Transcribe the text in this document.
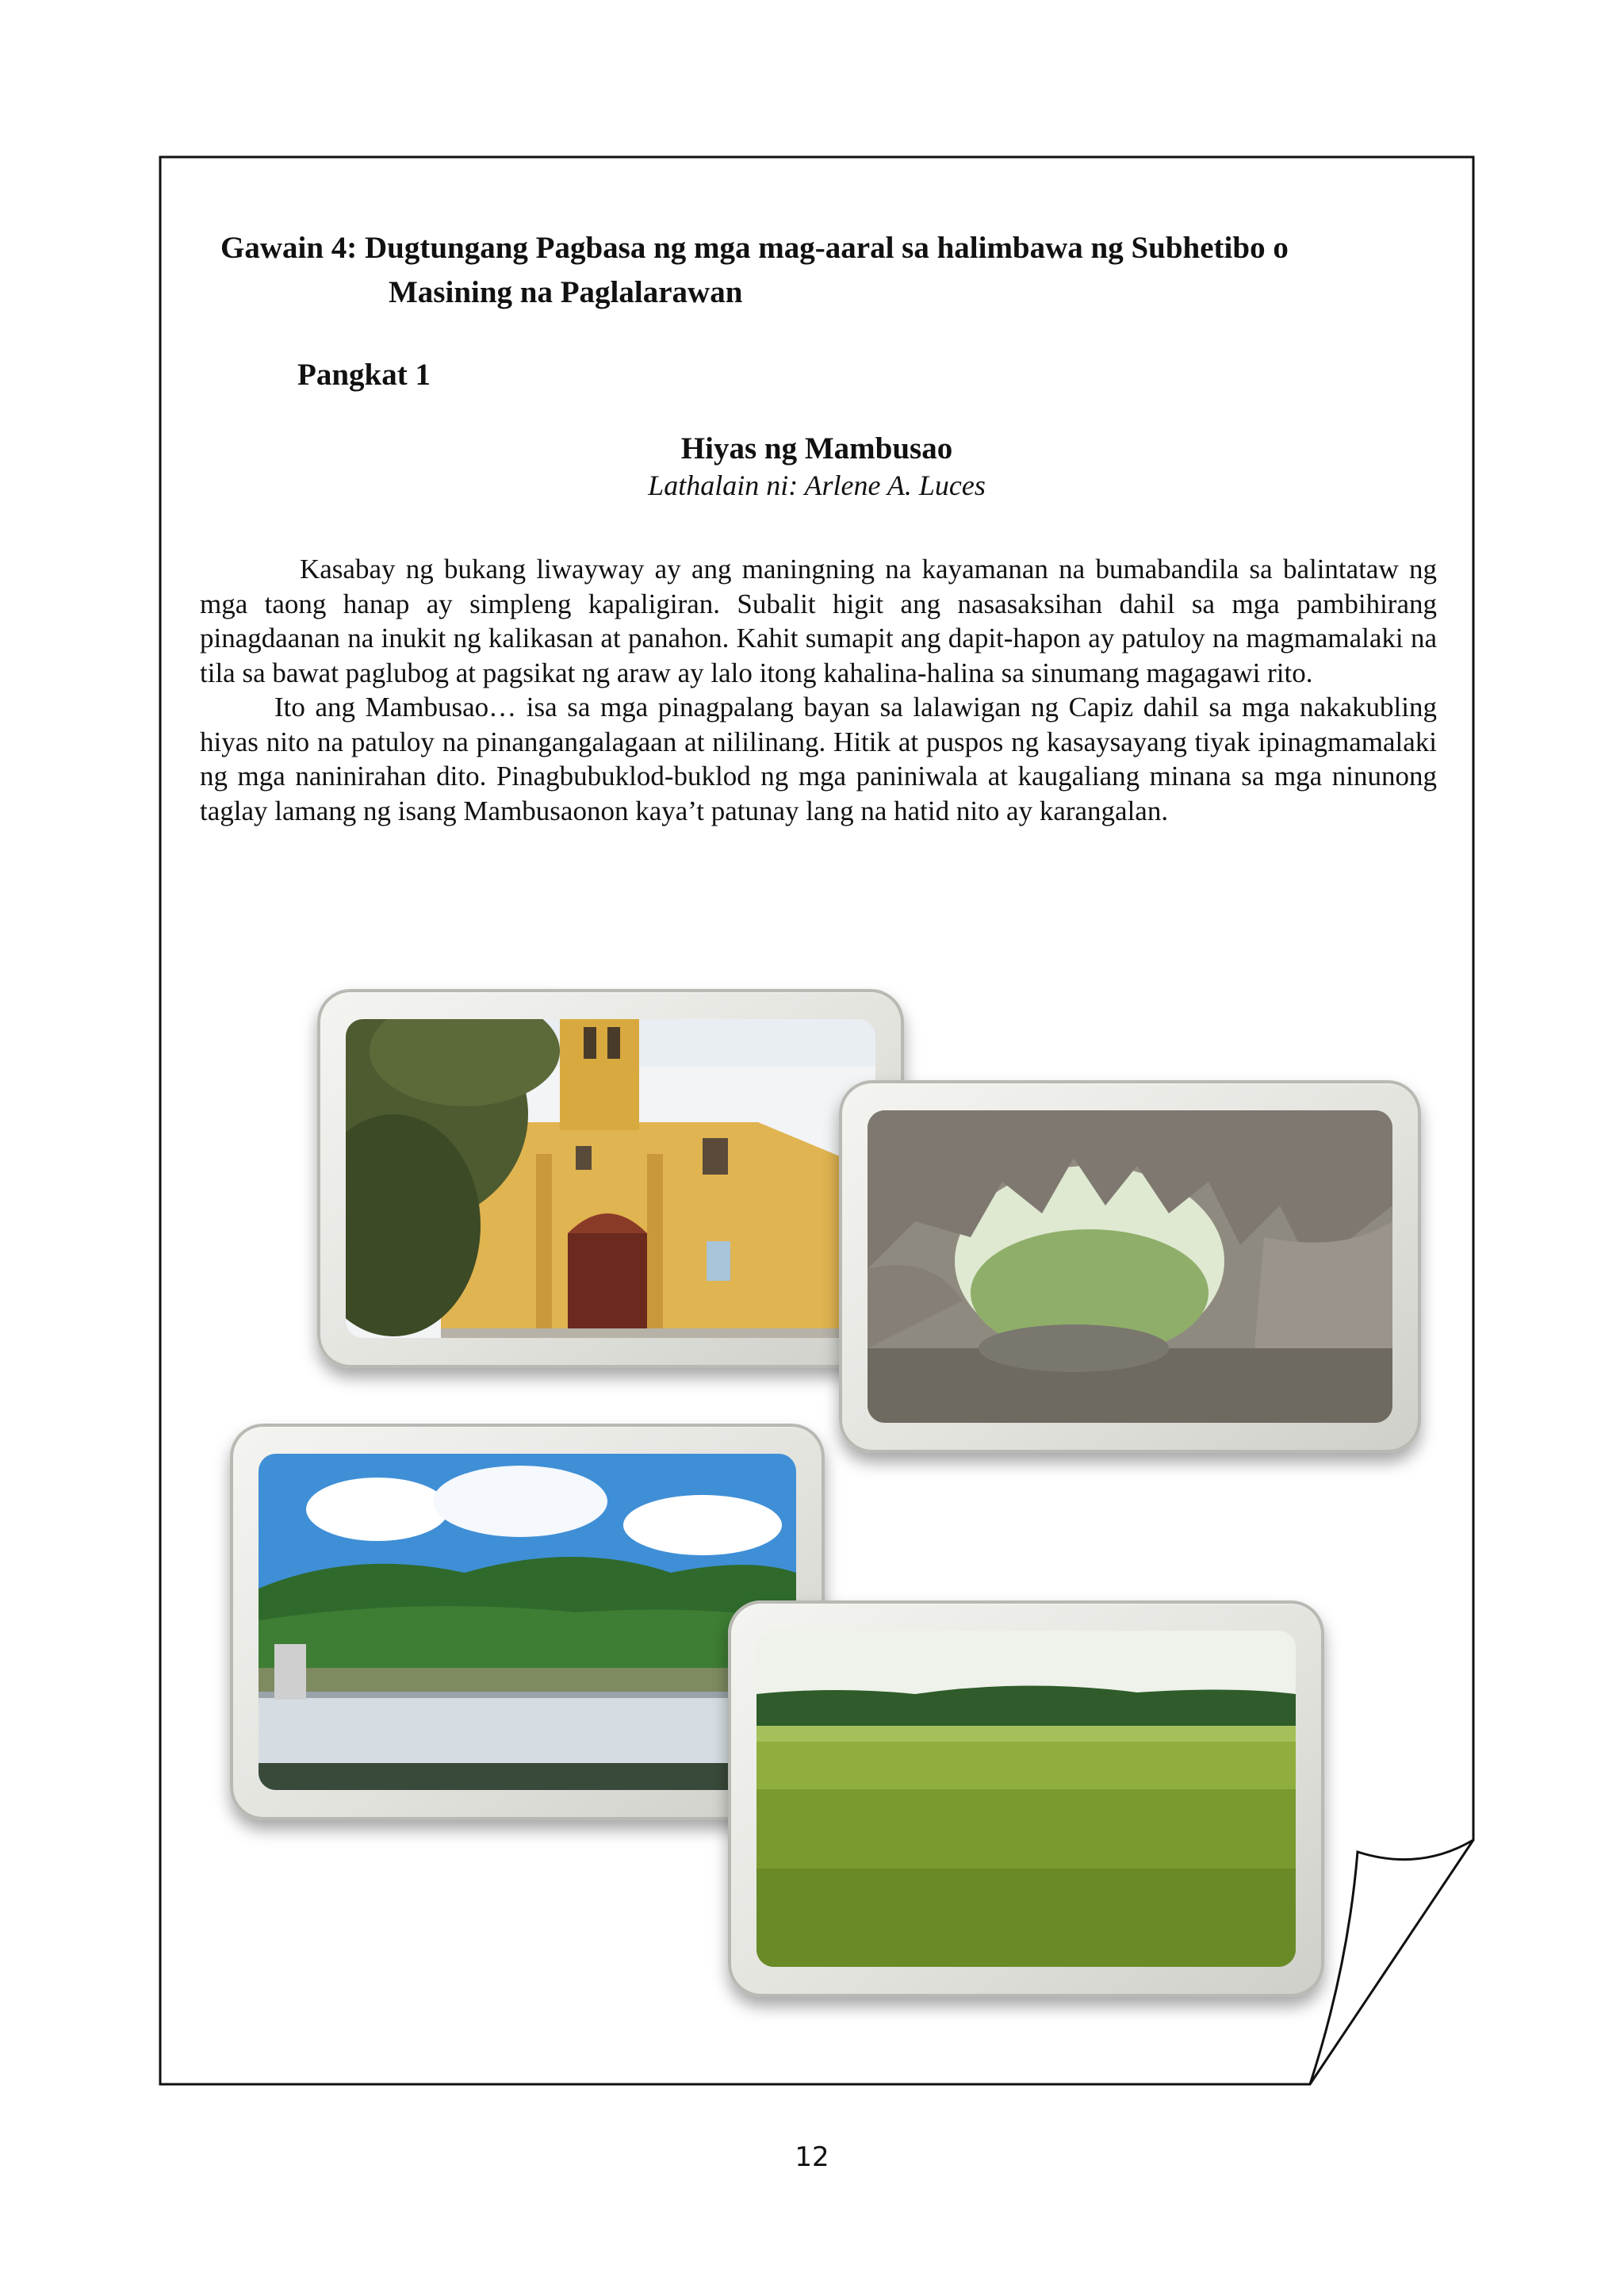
Gawain 4: Dugtungang Pagbasa ng mga mag-aaral sa halimbawa ng Subhetibo o
Masining na Paglalarawan
Pangkat 1
Hiyas ng Mambusao
Lathalain ni: Arlene A. Luces

Kasabay ng bukang liwayway ay ang maningning na kayamanan na bumabandila sa balintataw ng mga taong hanap ay simpleng kapaligiran. Subalit higit ang nasasaksihan dahil sa mga pambihirang pinagdaanan na inukit ng kalikasan at panahon. Kahit sumapit ang dapit-hapon ay patuloy na magmamalaki na tila sa bawat paglubog at pagsikat ng araw ay lalo itong kahalina-halina sa sinumang magagawi rito.

Ito ang Mambusao… isa sa mga pinagpalang bayan sa lalawigan ng Capiz dahil sa mga nakakubling hiyas nito na patuloy na pinangangalagaan at nililinang. Hitik at puspos ng kasaysayang tiyak ipinagmamalaki ng mga naninirahan dito. Pinagbubuklod-buklod ng mga paniniwala at kaugaliang minana sa mga ninunong taglay lamang ng isang Mambusaonon kaya’t patunay lang na hatid nito ay karangalan.

12
